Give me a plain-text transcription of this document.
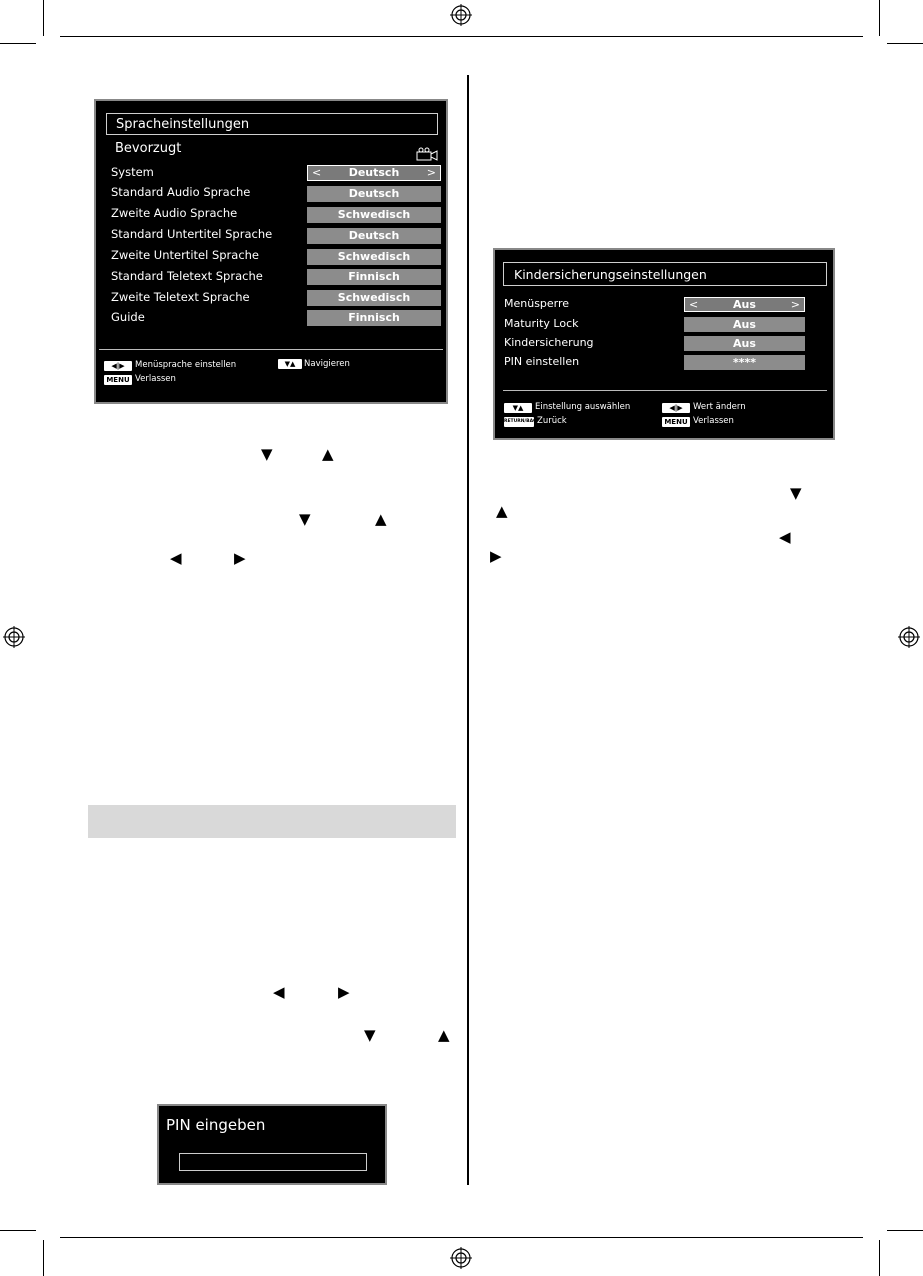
Spracheinstellungen
Bevorzugt
System	< Deutsch >
Standard Audio Sprache	Deutsch
Zweite Audio Sprache	Schwedisch
Standard Untertitel Sprache	Deutsch
Zweite Untertitel Sprache	Schwedisch
Standard Teletext Sprache	Finnisch
Zweite Teletext Sprache	Schwedisch
Guide	Finnisch
◀|▶	Menüsprache einstellen	▼▲	Navigieren
MENU Verlassen
▼	▲
▼	▲
◀	▶
◀	▶
▼	▲
PIN eingeben
Kindersicherungseinstellungen
Menüsperre	<	Aus	>
Maturity Lock	Aus
Kindersicherung	Aus
PIN einstellen	****
▼▲	Einstellung auswählen	◀|▶	Wert ändern
RETURN/BACK
Zurück	MENU Verlassen
▼
▲
◀
▶
